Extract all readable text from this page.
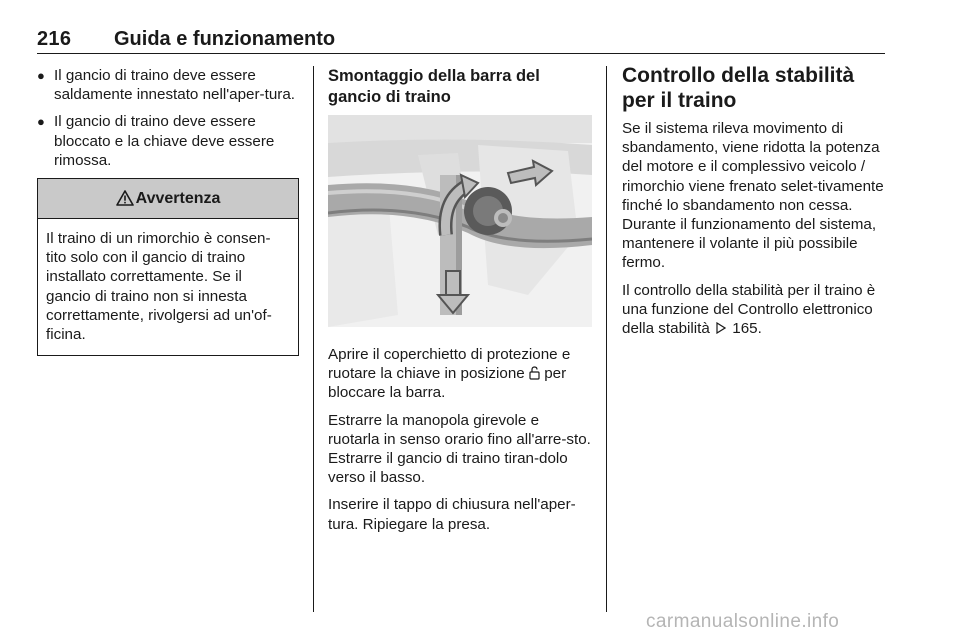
216 Guida e funzionamento
● Il gancio di traino deve essere saldamente innestato nell'aper-tura.
● Il gancio di traino deve essere bloccato e la chiave deve essere rimossa.
Avvertenza
Il traino di un rimorchio è consen-tito solo con il gancio di traino installato correttamente. Se il gancio di traino non si innesta correttamente, rivolgersi ad un'of-ficina.
Smontaggio della barra del gancio di traino

Aprire il coperchietto di protezione e ruotare la chiave in posizione per bloccare la barra.

Estrarre la manopola girevole e ruotarla in senso orario fino all'arre-sto. Estrarre il gancio di traino tiran-dolo verso il basso.

Inserire il tappo di chiusura nell'aper-tura. Ripiegare la presa.

Controllo della stabilità per il traino

Se il sistema rileva movimento di sbandamento, viene ridotta la potenza del motore e il complessivo veicolo / rimorchio viene frenato selet-tivamente finché lo sbandamento non cessa. Durante il funzionamento del sistema, mantenere il volante il più possibile fermo.

Il controllo della stabilità per il traino è una funzione del Controllo elettronico della stabilità 165.

carmanualsonline.info
